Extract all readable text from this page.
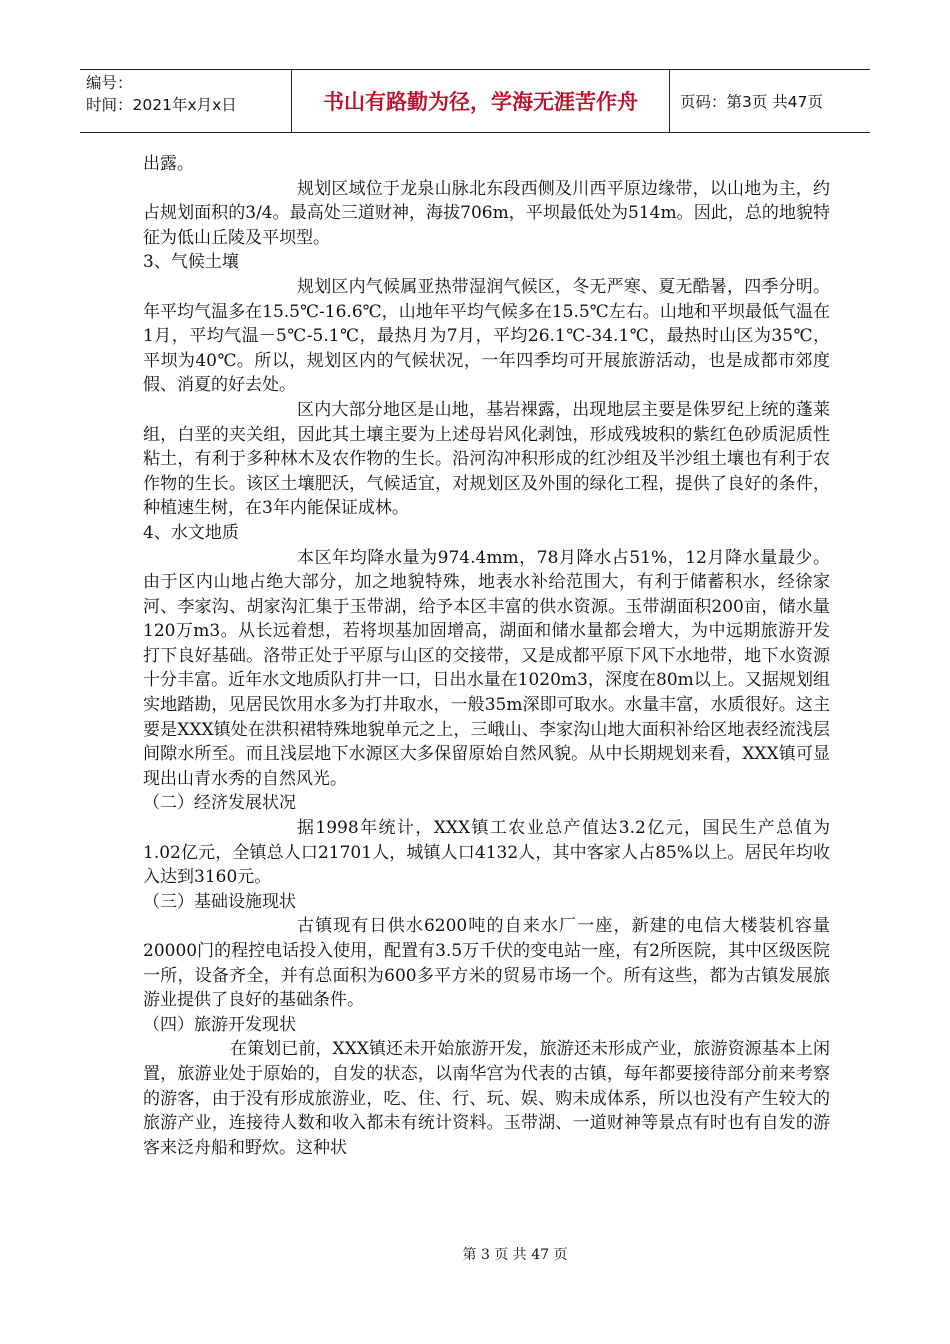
编号：
时间：2021年x月x日	书山有路勤为径，学海无涯苦作舟	页码：第3页 共47页

出露。

规划区域位于龙泉山脉北东段西侧及川西平原边缘带，以山地为主，约占规划面积的3/4。最高处三道财神，海拔706m，平坝最低处为514m。因此，总的地貌特征为低山丘陵及平坝型。

3、气候土壤

规划区内气候属亚热带湿润气候区，冬无严寒、夏无酷暑，四季分明。年平均气温多在15.5℃-16.6℃，山地年平均气候多在15.5℃左右。山地和平坝最低气温在1月，平均气温－5℃-5.1℃，最热月为7月，平均26.1℃-34.1℃，最热时山区为35℃，平坝为40℃。所以，规划区内的气候状况，一年四季均可开展旅游活动，也是成都市郊度假、消夏的好去处。

区内大部分地区是山地，基岩裸露，出现地层主要是侏罗纪上统的蓬莱组，白垩的夹关组，因此其土壤主要为上述母岩风化剥蚀，形成残坡积的紫红色砂质泥质性粘土，有利于多种林木及农作物的生长。沿河沟冲积形成的红沙组及半沙组土壤也有利于农作物的生长。该区土壤肥沃，气候适宜，对规划区及外围的绿化工程，提供了良好的条件，种植速生树，在3年内能保证成林。

4、水文地质

本区年均降水量为974.4mm，78月降水占51%，12月降水量最少。由于区内山地占绝大部分，加之地貌特殊，地表水补给范围大，有利于储蓄积水，经徐家河、李家沟、胡家沟汇集于玉带湖，给予本区丰富的供水资源。玉带湖面积200亩，储水量120万m3。从长远着想，若将坝基加固增高，湖面和储水量都会增大，为中远期旅游开发打下良好基础。洛带正处于平原与山区的交接带，又是成都平原下风下水地带，地下水资源十分丰富。近年水文地质队打井一口，日出水量在1020m3，深度在80m以上。又据规划组实地踏勘，见居民饮用水多为打井取水，一般35m深即可取水。水量丰富，水质很好。这主要是XXX镇处在洪积裙特殊地貌单元之上，三峨山、李家沟山地大面积补给区地表经流浅层间隙水所至。而且浅层地下水源区大多保留原始自然风貌。从中长期规划来看，XXX镇可显现出山青水秀的自然风光。

（二）经济发展状况

据1998年统计，XXX镇工农业总产值达3.2亿元，国民生产总值为1.02亿元，全镇总人口21701人，城镇人口4132人，其中客家人占85%以上。居民年均收入达到3160元。

（三）基础设施现状

古镇现有日供水6200吨的自来水厂一座，新建的电信大楼装机容量20000门的程控电话投入使用，配置有3.5万千伏的变电站一座，有2所医院，其中区级医院一所，设备齐全，并有总面积为600多平方米的贸易市场一个。所有这些，都为古镇发展旅游业提供了良好的基础条件。

（四）旅游开发现状

在策划已前，XXX镇还未开始旅游开发，旅游还未形成产业，旅游资源基本上闲置，旅游业处于原始的，自发的状态，以南华宫为代表的古镇，每年都要接待部分前来考察的游客，由于没有形成旅游业，吃、住、行、玩、娱、购未成体系，所以也没有产生较大的旅游产业，连接待人数和收入都未有统计资料。玉带湖、一道财神等景点有时也有自发的游客来泛舟船和野炊。这种状

第 3 页 共 47 页
